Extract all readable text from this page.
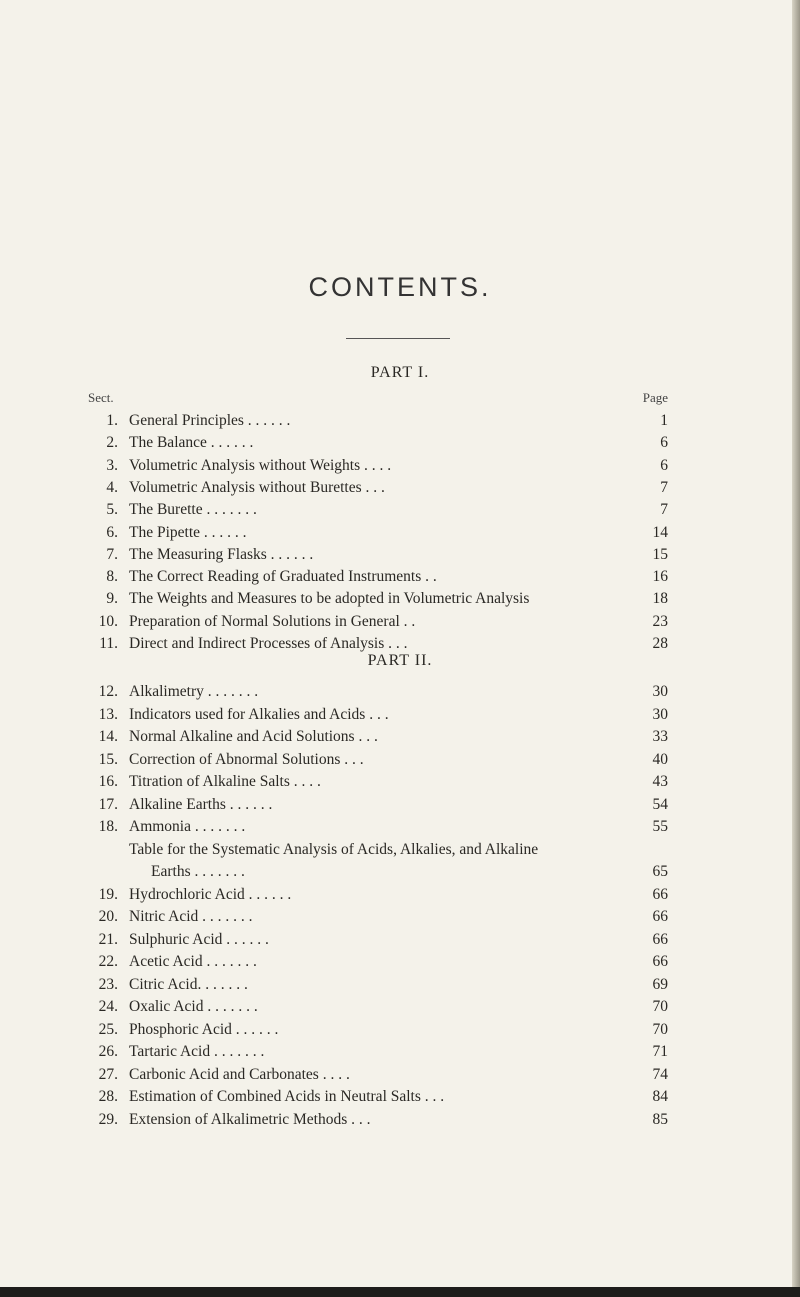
CONTENTS.
PART I.
Sect.	Page
1. General Principles . . . . . .	1
2. The Balance . . . . . .	6
3. Volumetric Analysis without Weights . . . .	6
4. Volumetric Analysis without Burettes . . .	7
5. The Burette . . . . . . .	7
6. The Pipette . . . . . .	14
7. The Measuring Flasks . . . . . .	15
8. The Correct Reading of Graduated Instruments . .	16
9. The Weights and Measures to be adopted in Volumetric Analysis	18
10. Preparation of Normal Solutions in General . .	23
11. Direct and Indirect Processes of Analysis . . .	28
PART II.
12. Alkalimetry . . . . . . .	30
13. Indicators used for Alkalies and Acids . . .	30
14. Normal Alkaline and Acid Solutions . . .	33
15. Correction of Abnormal Solutions . . .	40
16. Titration of Alkaline Salts . . . .	43
17. Alkaline Earths . . . . . .	54
18. Ammonia . . . . . . .	55
Table for the Systematic Analysis of Acids, Alkalies, and Alkaline
Earths . . . . . . .	65
19. Hydrochloric Acid . . . . . .	66
20. Nitric Acid . . . . . . .	66
21. Sulphuric Acid . . . . . .	66
22. Acetic Acid . . . . . . .	66
23. Citric Acid. . . . . . .	69
24. Oxalic Acid . . . . . . .	70
25. Phosphoric Acid . . . . . .	70
26. Tartaric Acid . . . . . . .	71
27. Carbonic Acid and Carbonates . . . .	74
28. Estimation of Combined Acids in Neutral Salts . . .	84
29. Extension of Alkalimetric Methods . . .	85
